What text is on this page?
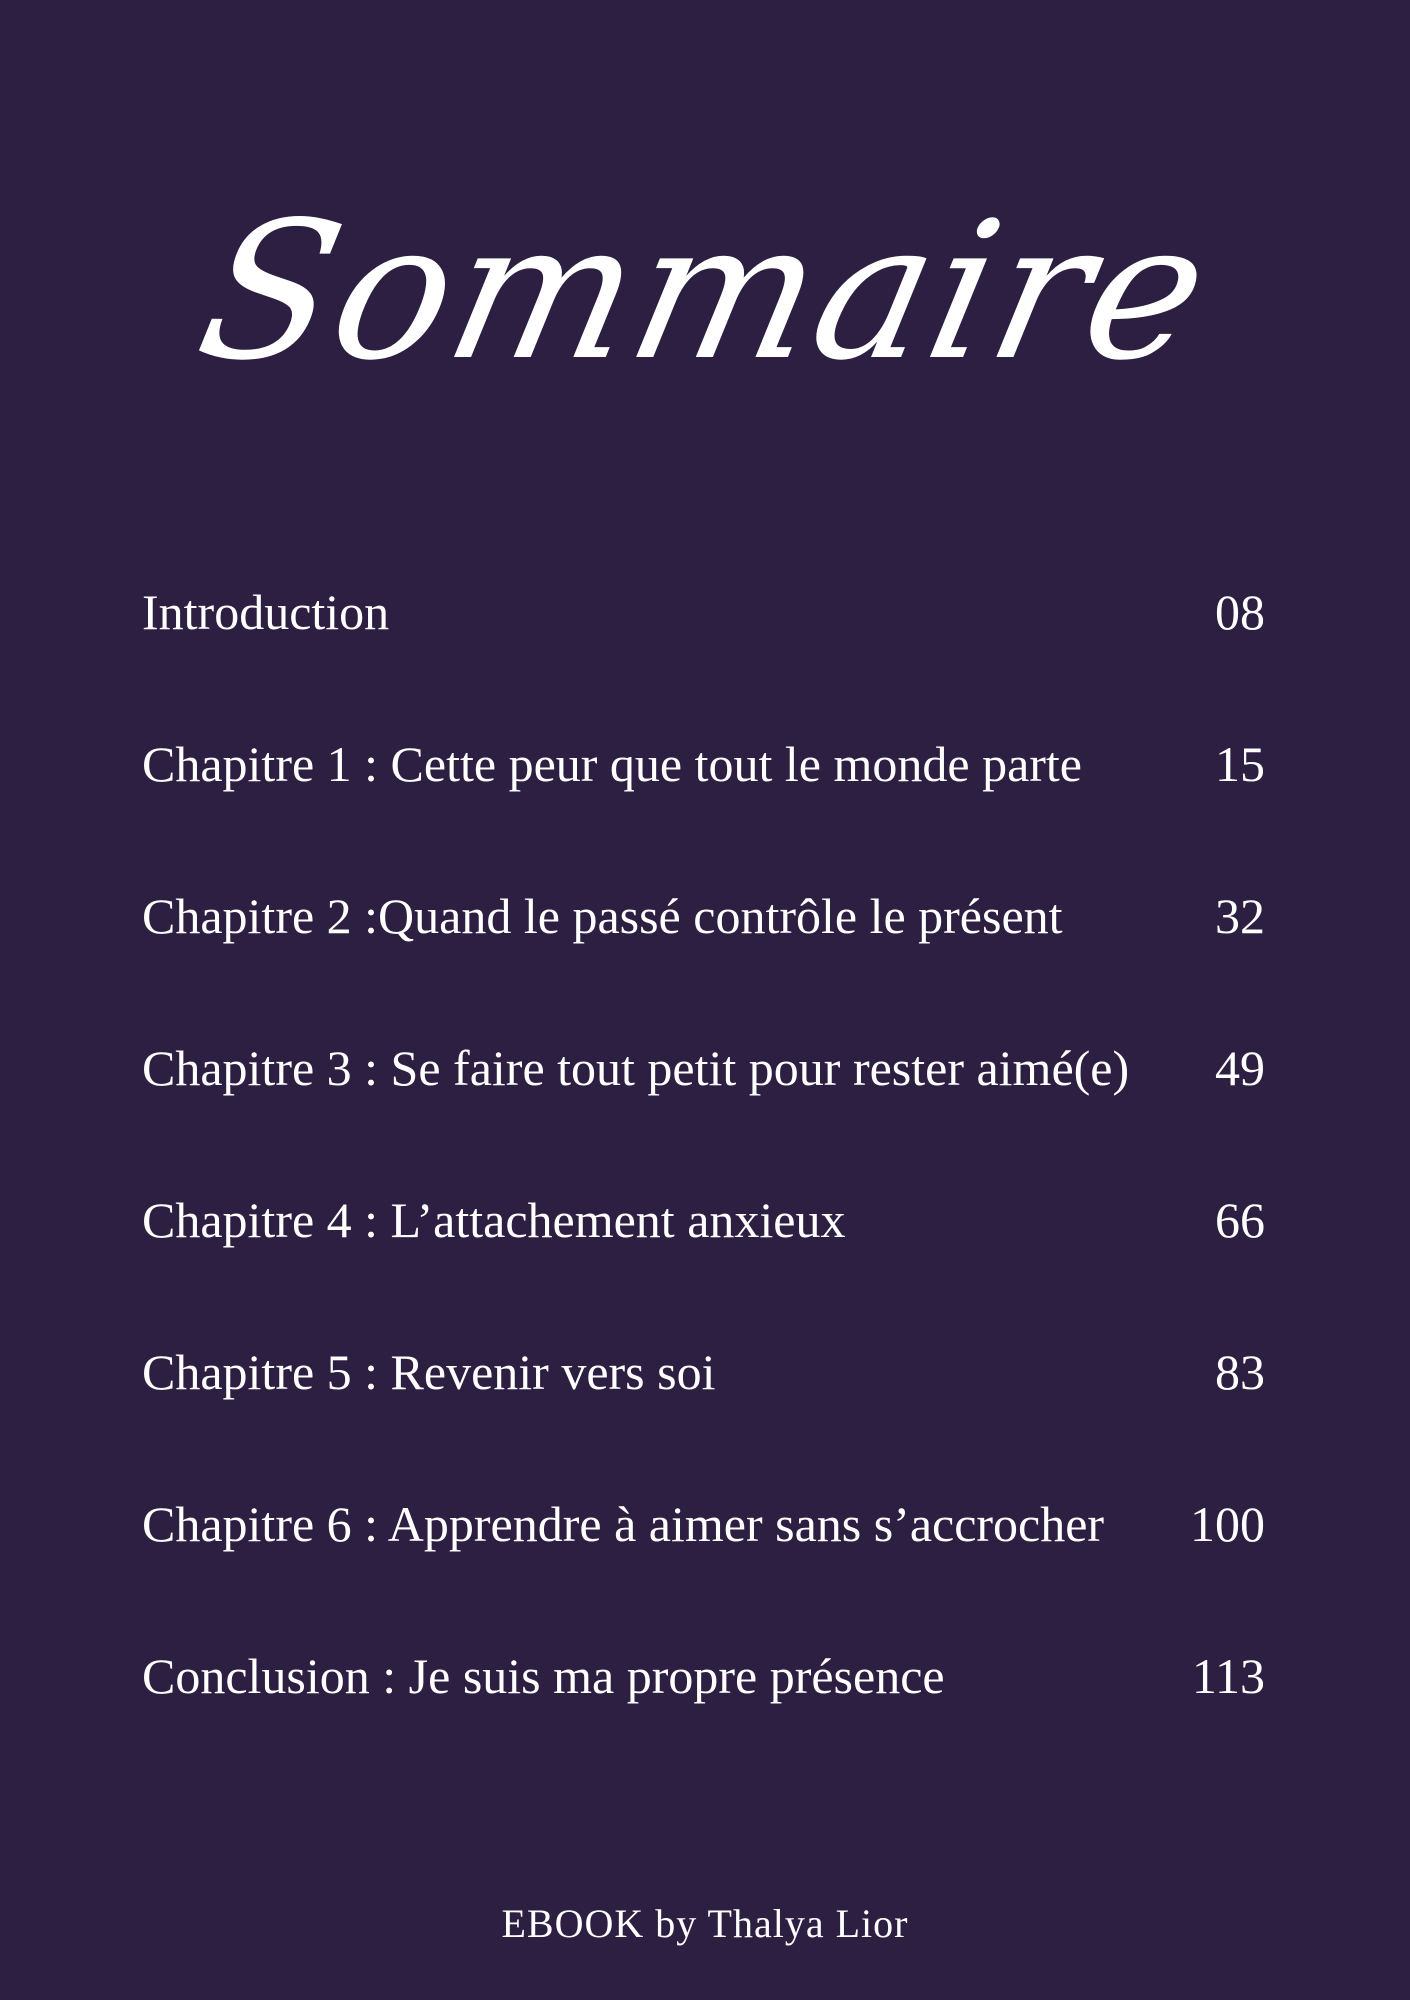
Sommaire
Introduction	08
Chapitre 1 : Cette peur que tout le monde parte	15
Chapitre 2 :Quand le passé contrôle le présent	32
Chapitre 3 : Se faire tout petit pour rester aimé(e)	49
Chapitre 4 : L’attachement anxieux	66
Chapitre 5 : Revenir vers soi	83
Chapitre 6 : Apprendre à aimer sans s’accrocher	100
Conclusion : Je suis ma propre présence	113
EBOOK by Thalya Lior
